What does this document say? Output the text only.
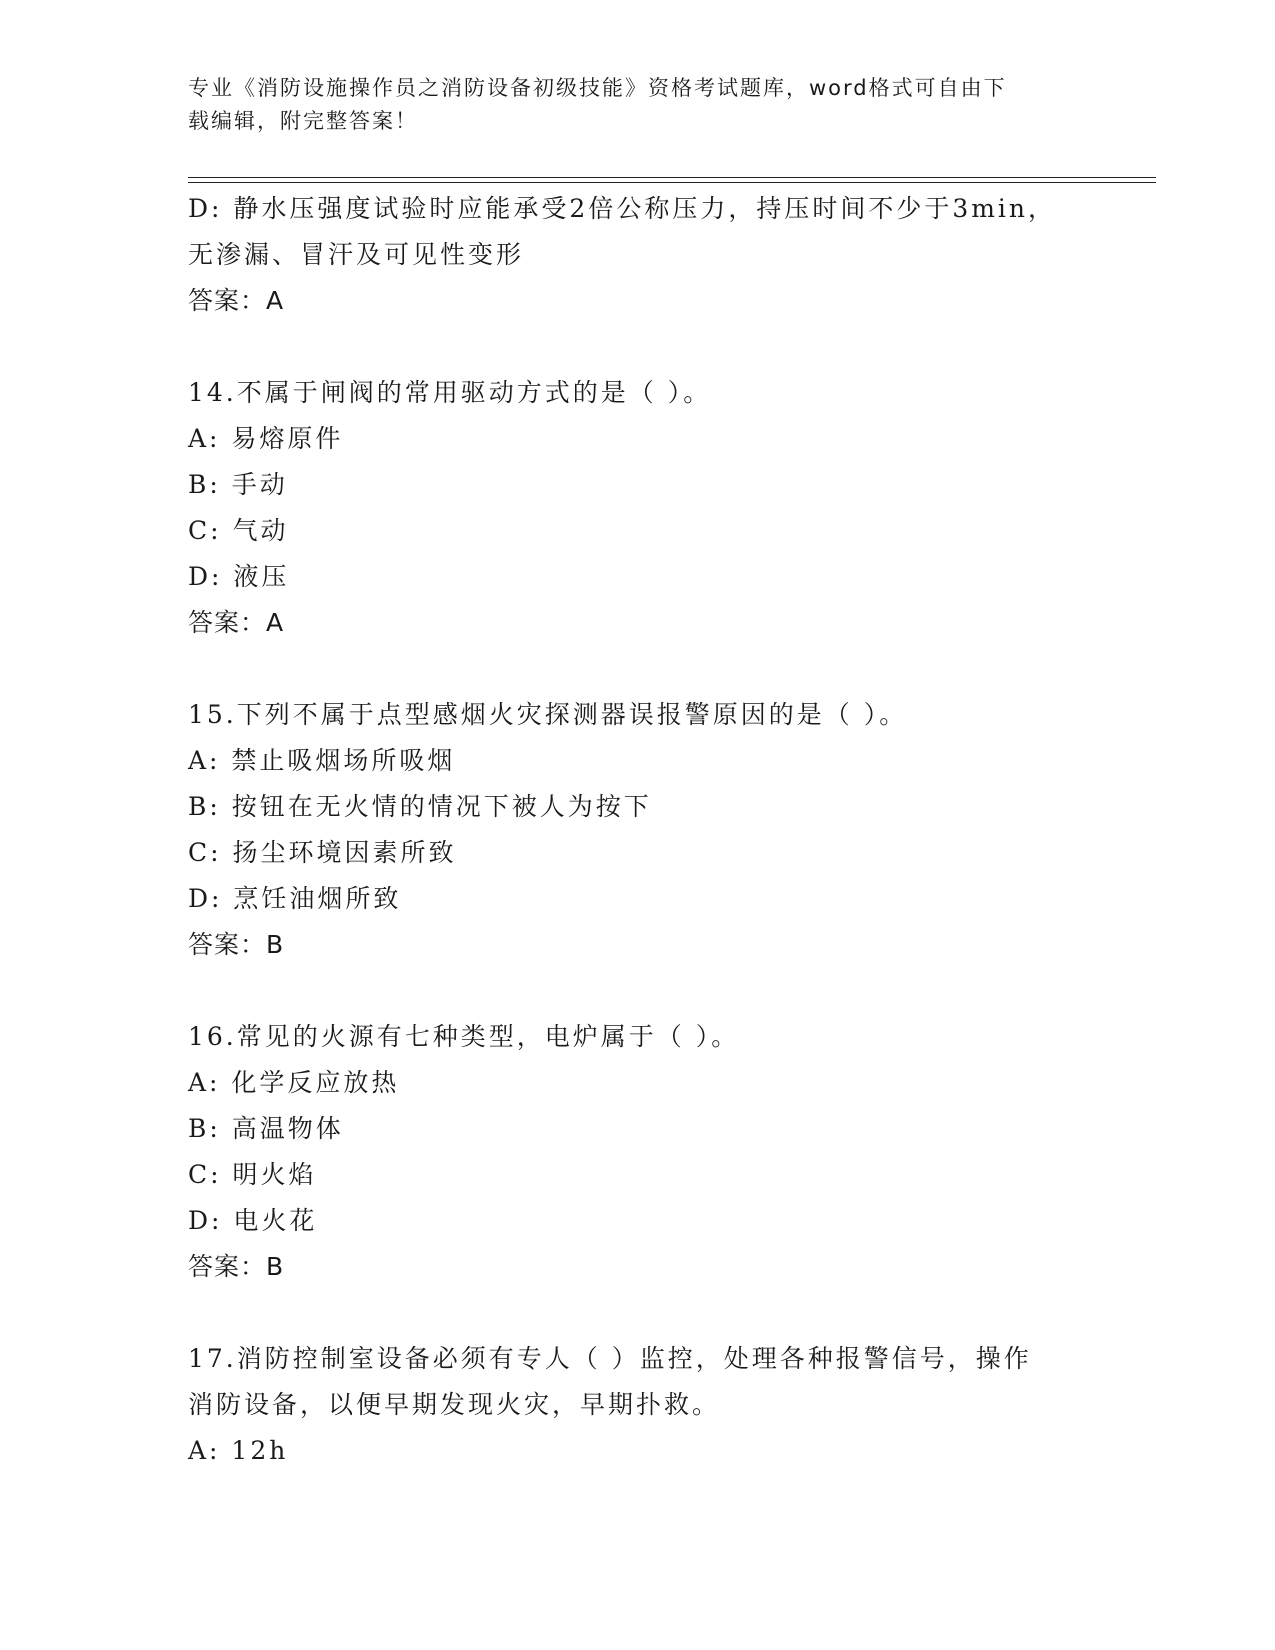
专业《消防设施操作员之消防设备初级技能》资格考试题库，word格式可自由下
载编辑，附完整答案！
D: 静水压强度试验时应能承受2倍公称压力，持压时间不少于3min，
无渗漏、冒汗及可见性变形
答案：A
14.不属于闸阀的常用驱动方式的是（ ）。
A: 易熔原件
B: 手动
C: 气动
D: 液压
答案：A
15.下列不属于点型感烟火灾探测器误报警原因的是（ ）。
A: 禁止吸烟场所吸烟
B: 按钮在无火情的情况下被人为按下
C: 扬尘环境因素所致
D: 烹饪油烟所致
答案：B
16.常见的火源有七种类型，电炉属于（ ）。
A: 化学反应放热
B: 高温物体
C: 明火焰
D: 电火花
答案：B
17.消防控制室设备必须有专人（ ）监控，处理各种报警信号，操作
消防设备，以便早期发现火灾，早期扑救。
A: 12h
